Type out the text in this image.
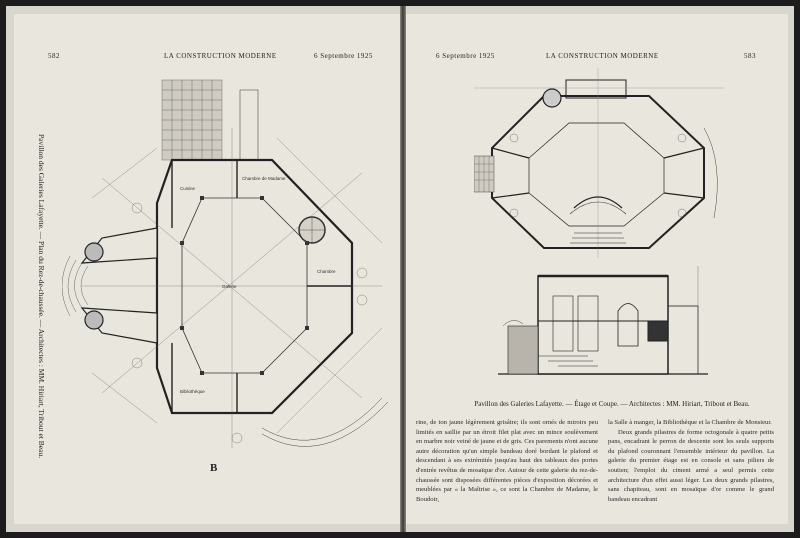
582	LA CONSTRUCTION MODERNE	6 Septembre 1925
Pavillon des Galeries Lafayette. — Plan du Rez-de-chaussée. — Architectes : MM. Hiriart, Tribout et Beau.	Cuisine
Chambre de Madame
Chambre
Galerie
Bibliothèque
B
6 Septembre 1925	LA CONSTRUCTION MODERNE	583
Pavillon des Galeries Lafayette. — Étage et Coupe. — Architectes : MM. Hiriart, Tribout et Beau.

rine, de ton jaune légèrement grisâtre; ils sont ornés de miroirs peu limités en saillie par un étroit filet plat avec un mince soulèvement en marbre noir veiné de jaune et de gris. Ces parements n'ont aucune autre décoration qu'un simple bandeau doré bordant le plafond et descendant à ses extrémités jusqu'au haut des tableaux des portes d'entrée revêtus de mosaïque d'or. Autour de cette galerie du rez-de-chaussée sont disposées différentes pièces d'exposition décorées et meublées par « la Maîtrise », ce sont la Chambre de Madame, le Boudoir,

la Salle à manger, la Bibliothèque et la Chambre de Monsieur.

Deux grands pilastres de forme octogonale à quatre petits pans, encadrant le perron de descente sont les seuls supports du plafond couronnant l'ensemble intérieur du pavillon. La galerie du premier étage est en console et sans piliers de soutien; l'emploi du ciment armé a seul permis cette architecture d'un effet aussi léger. Les deux grands pilastres, sans chapiteau, sont en mosaïque d'or comme le grand bandeau encadrant
